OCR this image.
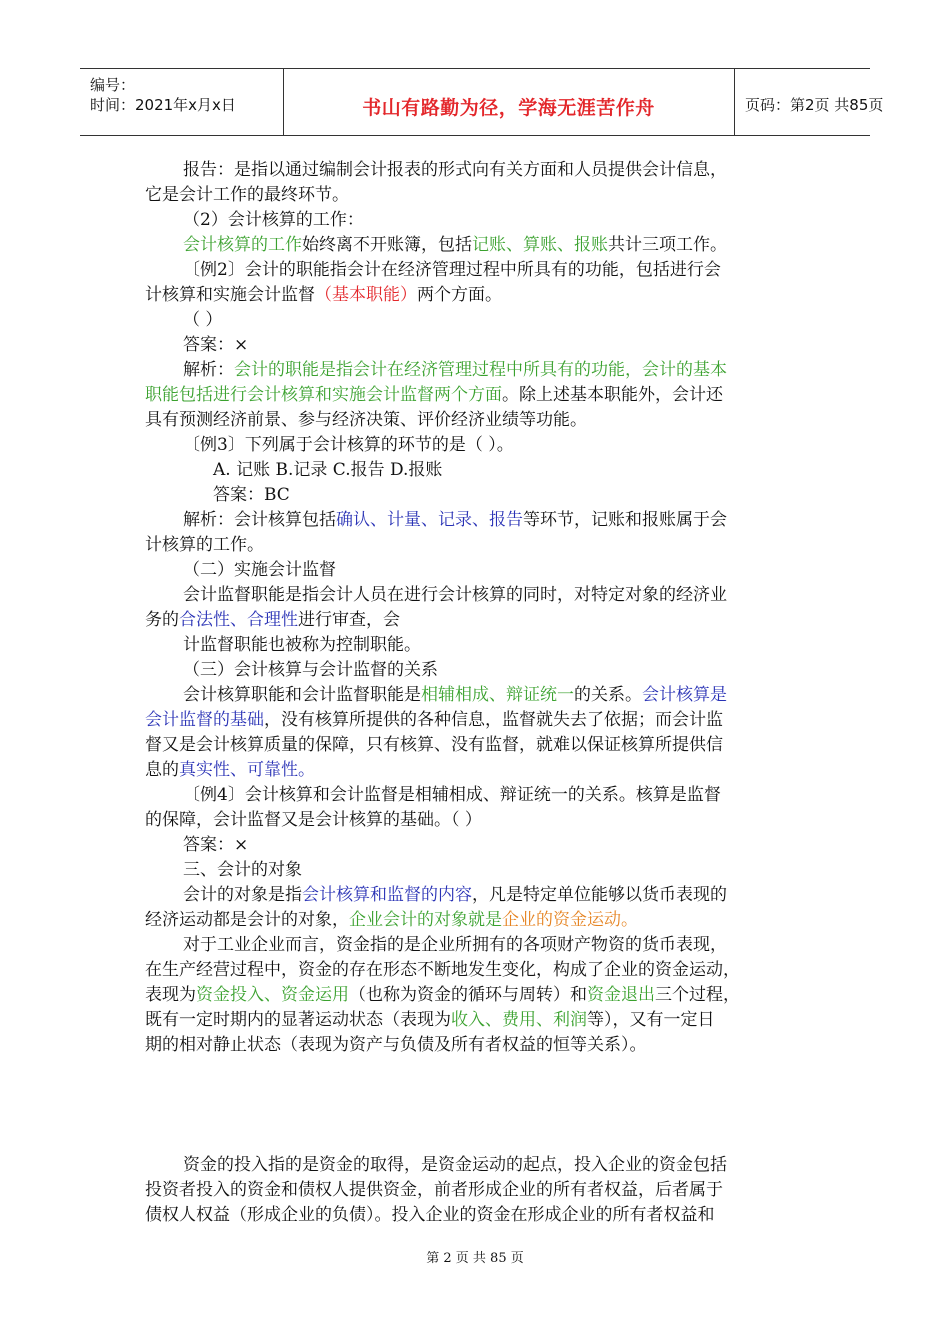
编号：
时间：2021年x月x日	书山有路勤为径，学海无涯苦作舟	页码：第2页 共85页
报告：是指以通过编制会计报表的形式向有关方面和人员提供会计信息，
它是会计工作的最终环节。
（2）会计核算的工作：
会计核算的工作始终离不开账簿，包括记账、算账、报账共计三项工作。
〔例2〕会计的职能指会计在经济管理过程中所具有的功能，包括进行会
计核算和实施会计监督（基本职能）两个方面。
（ ）
答案：×
解析：会计的职能是指会计在经济管理过程中所具有的功能，会计的基本
职能包括进行会计核算和实施会计监督两个方面。除上述基本职能外，会计还
具有预测经济前景、参与经济决策、评价经济业绩等功能。
〔例3〕下列属于会计核算的环节的是（ ）。
A. 记账 B.记录 C.报告 D.报账
答案：BC
解析：会计核算包括确认、计量、记录、报告等环节，记账和报账属于会
计核算的工作。
（二）实施会计监督
会计监督职能是指会计人员在进行会计核算的同时，对特定对象的经济业
务的合法性、合理性进行审查，会
计监督职能也被称为控制职能。
（三）会计核算与会计监督的关系
会计核算职能和会计监督职能是相辅相成、辩证统一的关系。会计核算是
会计监督的基础，没有核算所提供的各种信息，监督就失去了依据；而会计监
督又是会计核算质量的保障，只有核算、没有监督，就难以保证核算所提供信
息的真实性、可靠性。
〔例4〕会计核算和会计监督是相辅相成、辩证统一的关系。核算是监督
的保障，会计监督又是会计核算的基础。（ ）
答案：×
三、会计的对象
会计的对象是指会计核算和监督的内容，凡是特定单位能够以货币表现的
经济运动都是会计的对象，企业会计的对象就是企业的资金运动。
对于工业企业而言，资金指的是企业所拥有的各项财产物资的货币表现，
在生产经营过程中，资金的存在形态不断地发生变化，构成了企业的资金运动，
表现为资金投入、资金运用（也称为资金的循环与周转）和资金退出三个过程，
既有一定时期内的显著运动状态（表现为收入、费用、利润等），又有一定日
期的相对静止状态（表现为资产与负债及所有者权益的恒等关系）。
资金的投入指的是资金的取得，是资金运动的起点，投入企业的资金包括
投资者投入的资金和债权人提供资金，前者形成企业的所有者权益，后者属于
债权人权益（形成企业的负债）。投入企业的资金在形成企业的所有者权益和
第 2 页 共 85 页
